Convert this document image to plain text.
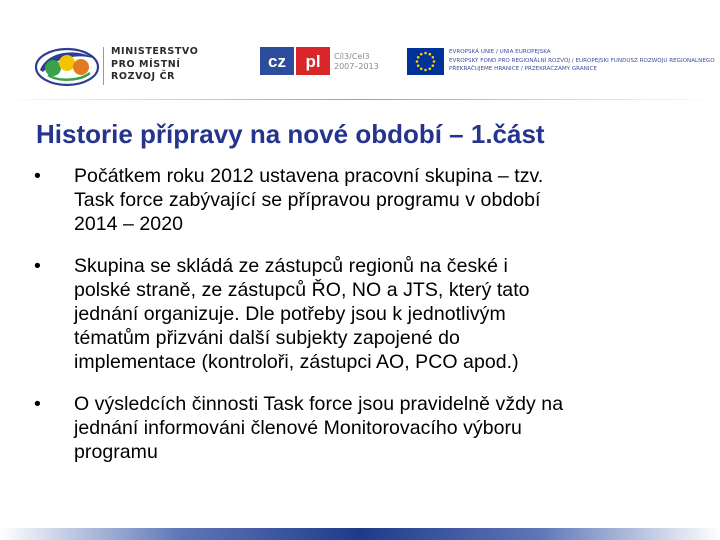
MINISTERSTVO
PRO MÍSTNÍ
ROZVOJ ČR
cz pl Cíl3/Cel3
2007–2013
EVROPSKÁ UNIE / UNIA EUROPEJSKA
EVROPSKÝ FOND PRO REGIONÁLNÍ ROZVOJ / EUROPEJSKI FUNDUSZ ROZWOJU REGIONALNEGO
PŘEKRAČUJEME HRANICE / PRZEKRACZAMY GRANICE
Historie přípravy na nové období – 1.část
• Počátkem roku 2012 ustavena pracovní skupina – tzv.
Task force zabývající se přípravou programu v období
2014 – 2020
• Skupina se skládá ze zástupců regionů na české i
polské straně, ze zástupců ŘO, NO a JTS, který tato
jednání organizuje. Dle potřeby jsou k jednotlivým
tématům přizváni další subjekty zapojené do
implementace (kontroloři, zástupci AO, PCO apod.)
• O výsledcích činnosti Task force jsou pravidelně vždy na
jednání informováni členové Monitorovacího výboru
programu
